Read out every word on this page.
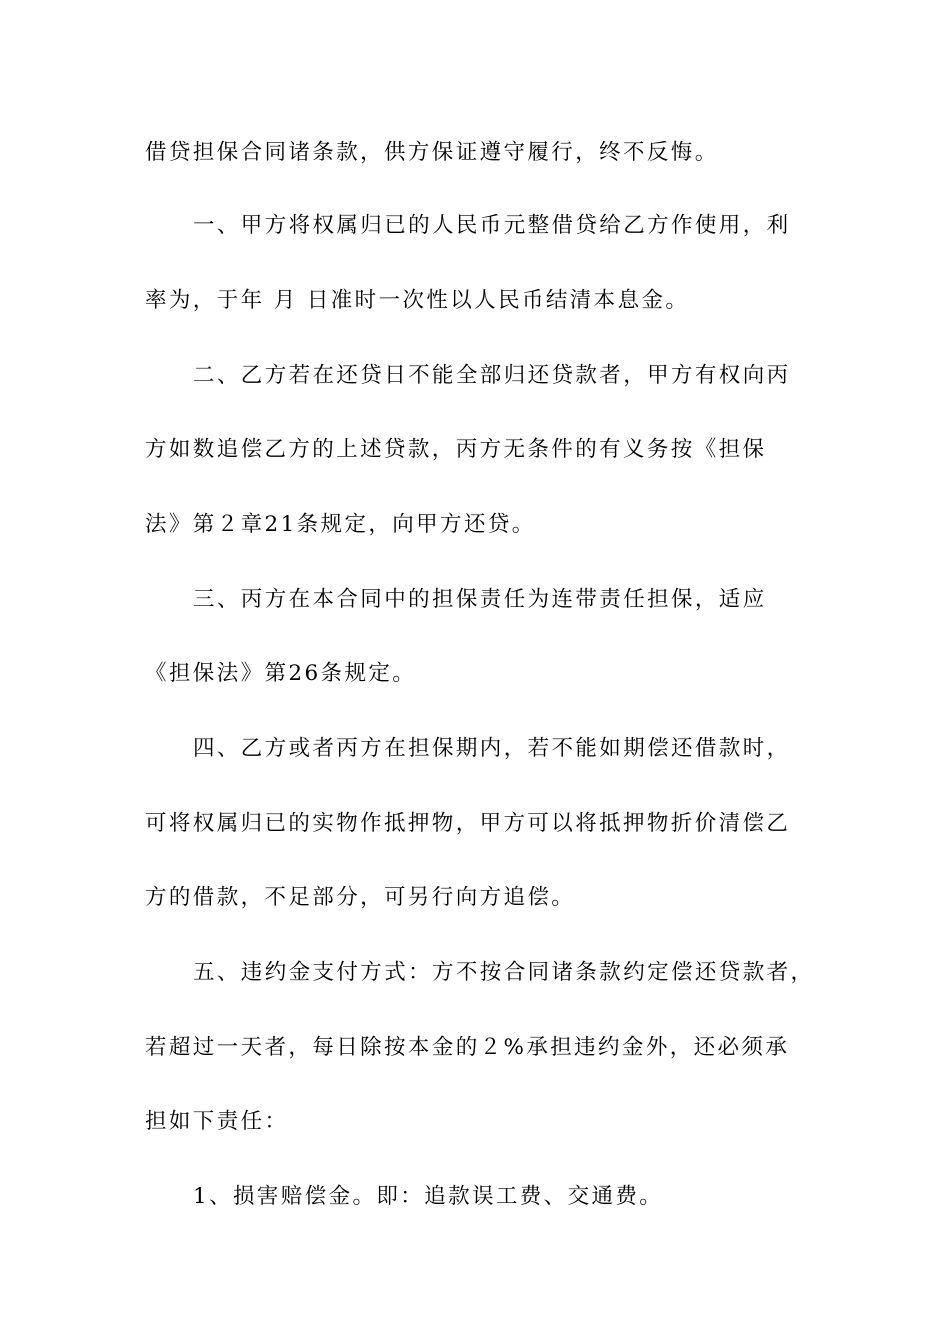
借贷担保合同诸条款，供方保证遵守履行，终不反悔。
一、甲方将权属归已的人民币元整借贷给乙方作使用，利
率为，于年 月 日准时一次性以人民币结清本息金。
二、乙方若在还贷日不能全部归还贷款者，甲方有权向丙
方如数追偿乙方的上述贷款，丙方无条件的有义务按《担保
法》第２章21条规定，向甲方还贷。
三、丙方在本合同中的担保责任为连带责任担保，适应
《担保法》第26条规定。
四、乙方或者丙方在担保期内，若不能如期偿还借款时，
可将权属归已的实物作抵押物，甲方可以将抵押物折价清偿乙
方的借款，不足部分，可另行向方追偿。
五、违约金支付方式：方不按合同诸条款约定偿还贷款者，
若超过一天者，每日除按本金的２%承担违约金外，还必须承
担如下责任：
1、损害赔偿金。即：追款误工费、交通费。
